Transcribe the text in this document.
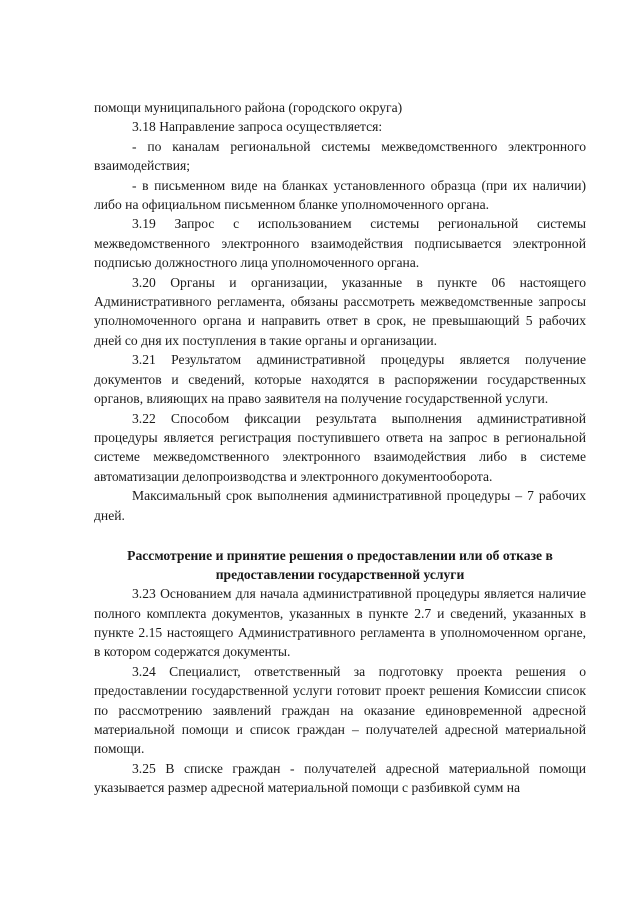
помощи муниципального района (городского округа)

3.18 Направление запроса осуществляется:

- по каналам региональной системы межведомственного электронного взаимодействия;

- в письменном виде на бланках установленного образца (при их наличии) либо на официальном письменном бланке уполномоченного органа.

3.19 Запрос с использованием системы региональной системы межведомственного электронного взаимодействия подписывается электронной подписью должностного лица уполномоченного органа.

3.20 Органы и организации, указанные в пункте 06 настоящего Административного регламента, обязаны рассмотреть межведомственные запросы уполномоченного органа и направить ответ в срок, не превышающий 5 рабочих дней со дня их поступления в такие органы и организации.

3.21 Результатом административной процедуры является получение документов и сведений, которые находятся в распоряжении государственных органов, влияющих на право заявителя на получение государственной услуги.

3.22 Способом фиксации результата выполнения административной процедуры является регистрация поступившего ответа на запрос в региональной системе межведомственного электронного взаимодействия либо в системе автоматизации делопроизводства и электронного документооборота.

Максимальный срок выполнения административной процедуры – 7 рабочих дней.

Рассмотрение и принятие решения о предоставлении или об отказе в предоставлении государственной услуги

3.23 Основанием для начала административной процедуры является наличие полного комплекта документов, указанных в пункте 2.7 и сведений, указанных в пункте 2.15 настоящего Административного регламента в уполномоченном органе, в котором содержатся документы.

3.24 Специалист, ответственный за подготовку проекта решения о предоставлении государственной услуги готовит проект решения Комиссии список по рассмотрению заявлений граждан на оказание единовременной адресной материальной помощи и список граждан – получателей адресной материальной помощи.

3.25 В списке граждан - получателей адресной материальной помощи указывается размер адресной материальной помощи с разбивкой сумм на
